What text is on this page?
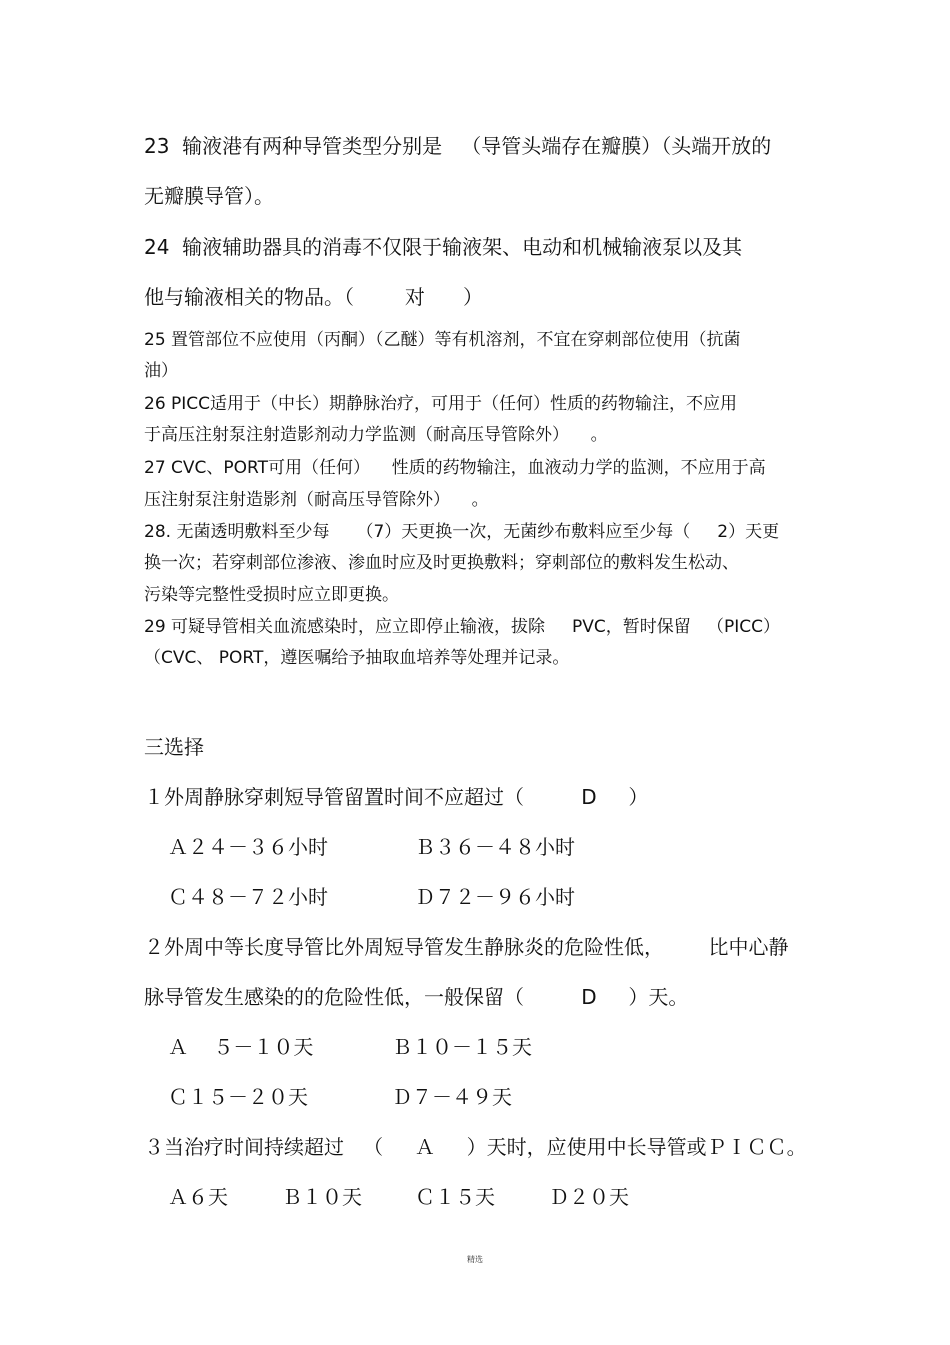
23  输液港有两种导管类型分别是   （导管头端存在瓣膜）（头端开放的
无瓣膜导管）。
24  输液辅助器具的消毒不仅限于输液架、电动和机械输液泵以及其
他与输液相关的物品。（        对      ）
25 置管部位不应使用（丙酮）（乙醚）等有机溶剂，不宜在穿刺部位使用（抗菌
油）
26 PICC适用于（中长）期静脉治疗，可用于（任何）性质的药物输注，不应用
于高压注射泵注射造影剂动力学监测（耐高压导管除外）    。
27 CVC、PORT可用（任何）    性质的药物输注，血液动力学的监测，不应用于高
压注射泵注射造影剂（耐高压导管除外）    。
28. 无菌透明敷料至少每     （7）天更换一次，无菌纱布敷料应至少每（     2）天更
换一次；若穿刺部位渗液、渗血时应及时更换敷料；穿刺部位的敷料发生松动、
污染等完整性受损时应立即更换。
29 可疑导管相关血流感染时，应立即停止输液，拔除     PVC，暂时保留   （PICC）
（CVC、 PORT，遵医嘱给予抽取血培养等处理并记录。
三选择
１外周静脉穿刺短导管留置时间不应超过（         D     ）
Ａ２４－３６小时	Ｂ３６－４８小时
Ｃ４８－７２小时	Ｄ７２－９６小时
２外周中等长度导管比外周短导管发生静脉炎的危险性低，       比中心静
脉导管发生感染的的危险性低，一般保留（         D     ）天。
Ａ    ５－１０天	Ｂ１０－１５天
Ｃ１５－２０天	Ｄ７－４９天
３当治疗时间持续超过   （     Ａ     ）天时，应使用中长导管或ＰＩＣＣ。
Ａ６天	Ｂ１０天	Ｃ１５天	Ｄ２０天
精选
